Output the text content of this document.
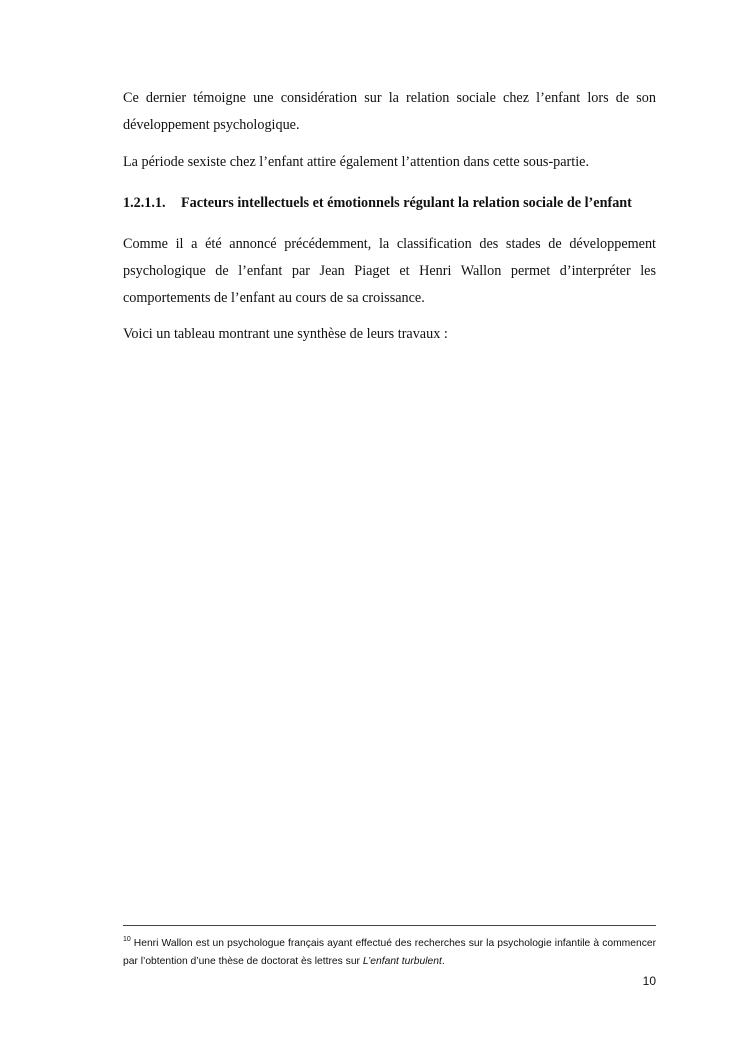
Ce dernier témoigne une considération sur la relation sociale chez l’enfant lors de son

développement psychologique.

La période sexiste chez l’enfant attire également l’attention dans cette sous-partie.

1.2.1.1. Facteurs intellectuels et émotionnels régulant la relation sociale de l’enfant

Comme il a été annoncé précédemment, la classification des stades de développement psychologique de l’enfant par Jean Piaget et Henri Wallon permet d’interpréter les comportements de l’enfant au cours de sa croissance.

Voici un tableau montrant une synthèse de leurs travaux :

$^{10}$ Henri Wallon est un psychologue français ayant effectué des recherches sur la psychologie infantile à commencer par l’obtention d’une thèse de doctorat ès lettres sur L’enfant turbulent.

10
